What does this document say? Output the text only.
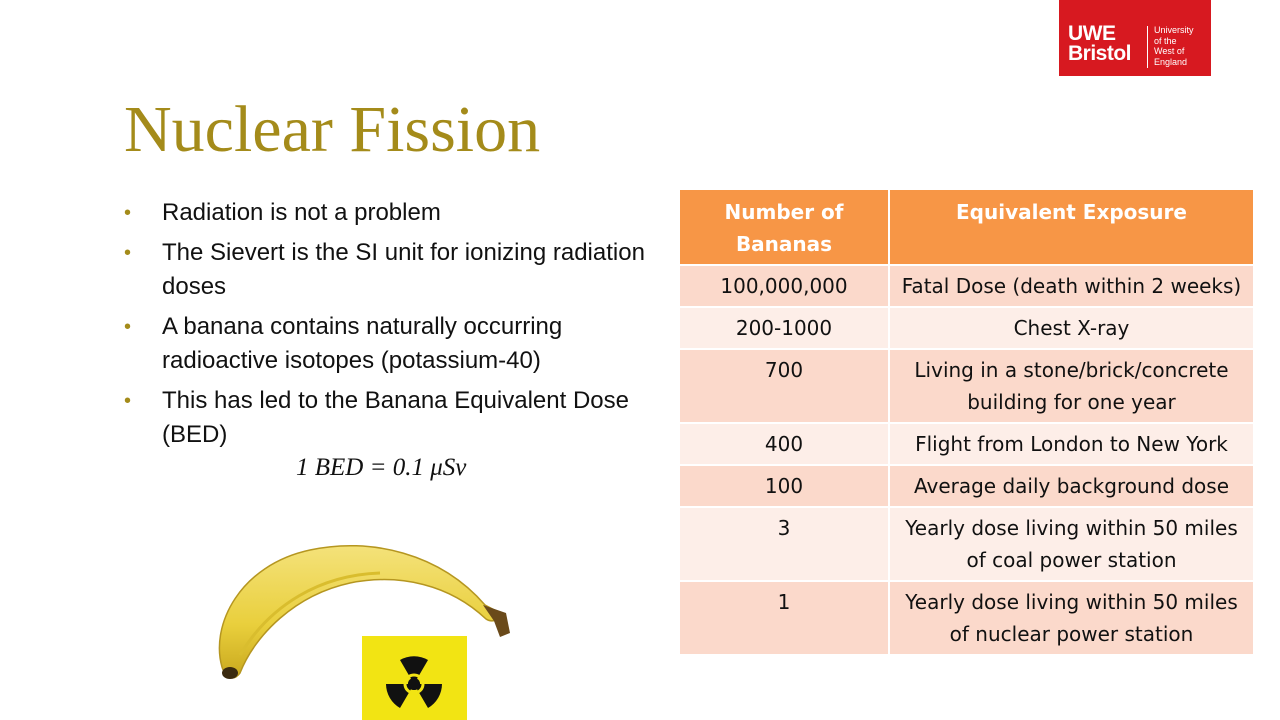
UWE
Bristol
University
of the
West of
England
Nuclear Fission
• Radiation is not a problem
• The Sievert is the SI unit for ionizing radiation doses
• A banana contains naturally occurring radioactive isotopes (potassium-40)
• This has led to the Banana Equivalent Dose (BED)
1 BED = 0.1 μSv
Number of Bananas	Equivalent Exposure
100,000,000	Fatal Dose (death within 2 weeks)
200-1000	Chest X-ray
700	Living in a stone/brick/concrete building for one year
400	Flight from London to New York
100	Average daily background dose
3	Yearly dose living within 50 miles of coal power station
1	Yearly dose living within 50 miles of nuclear power station
